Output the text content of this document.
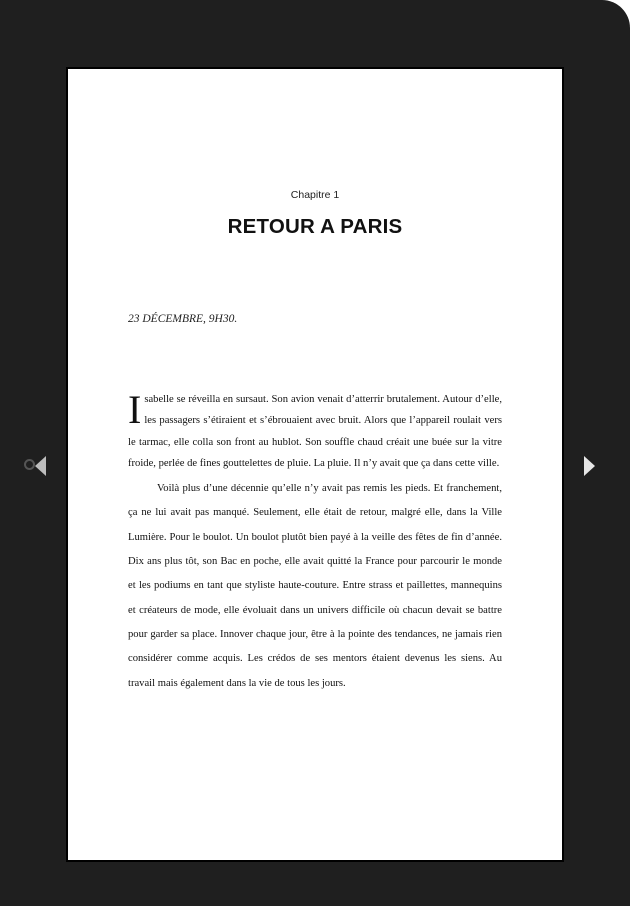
Chapitre 1
RETOUR A PARIS
23 DÉCEMBRE, 9H30.

Isabelle se réveilla en sursaut. Son avion venait d’atterrir brutalement. Autour d’elle, les passagers s’étiraient et s’ébrouaient avec bruit. Alors que l’appareil roulait vers le tarmac, elle colla son front au hublot. Son souffle chaud créait une buée sur la vitre froide, perlée de fines gouttelettes de pluie. La pluie. Il n’y avait que ça dans cette ville.

Voilà plus d’une décennie qu’elle n’y avait pas remis les pieds. Et franchement, ça ne lui avait pas manqué. Seulement, elle était de retour, malgré elle, dans la Ville Lumière. Pour le boulot. Un boulot plutôt bien payé à la veille des fêtes de fin d’année. Dix ans plus tôt, son Bac en poche, elle avait quitté la France pour parcourir le monde et les podiums en tant que styliste haute-couture. Entre strass et paillettes, mannequins et créateurs de mode, elle évoluait dans un univers difficile où chacun devait se battre pour garder sa place. Innover chaque jour, être à la pointe des tendances, ne jamais rien considérer comme acquis. Les crédos de ses mentors étaient devenus les siens. Au travail mais également dans la vie de tous les jours.
